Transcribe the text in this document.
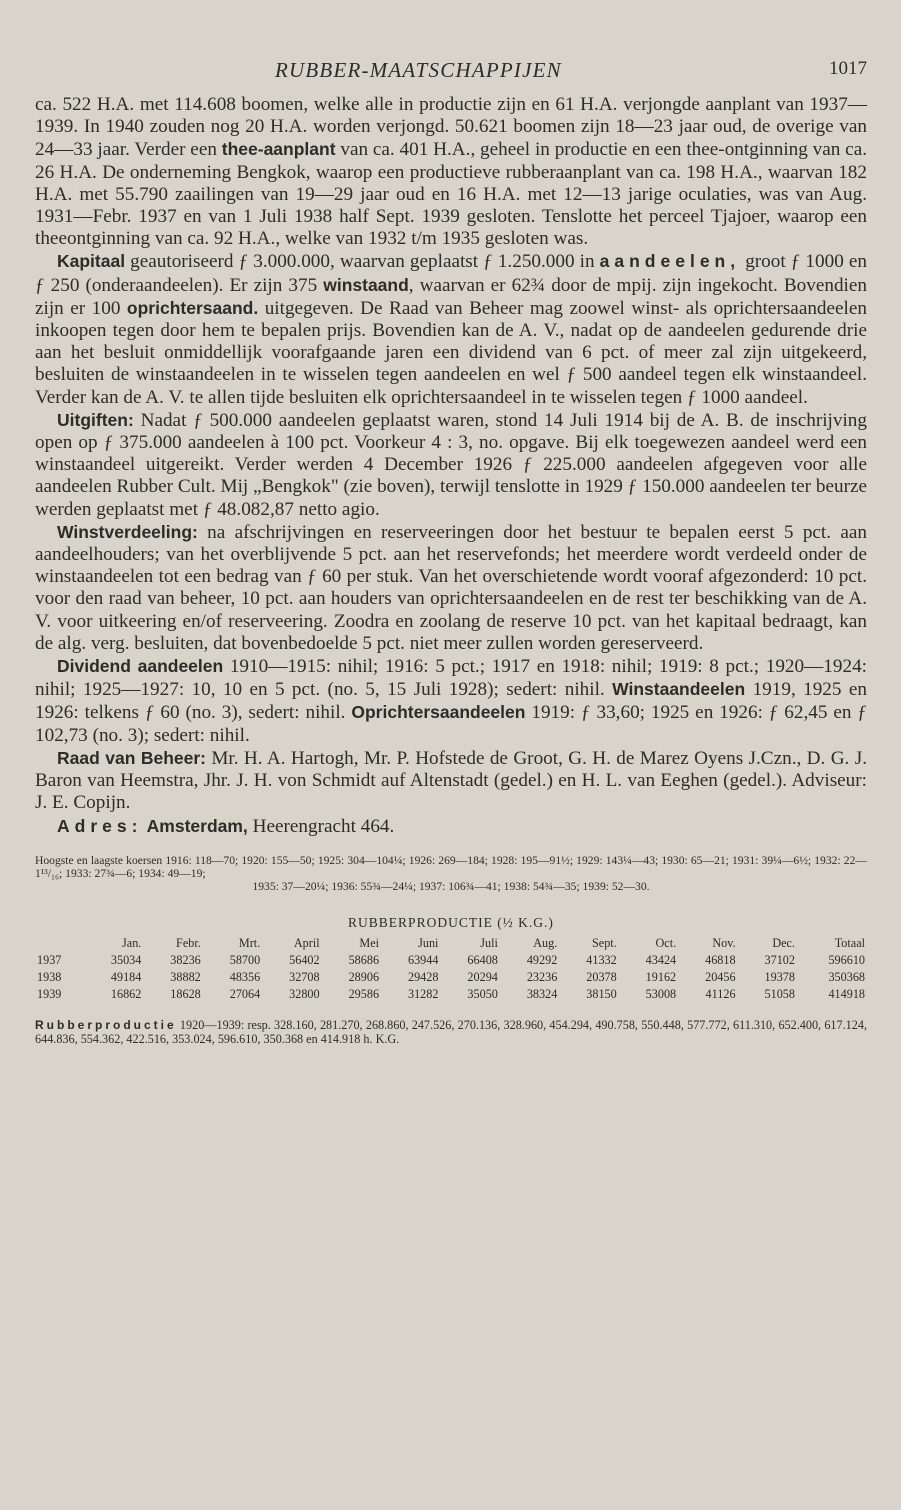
RUBBER-MAATSCHAPPIJEN	1017

ca. 522 H.A. met 114.608 boomen, welke alle in productie zijn en 61 H.A. verjongde aanplant van 1937—1939. In 1940 zouden nog 20 H.A. worden verjongd. 50.621 boomen zijn 18—23 jaar oud, de overige van 24—33 jaar. Verder een thee-aanplant van ca. 401 H.A., geheel in productie en een thee-ontginning van ca. 26 H.A. De onderneming Bengkok, waarop een productieve rubberaanplant van ca. 198 H.A., waarvan 182 H.A. met 55.790 zaailingen van 19—29 jaar oud en 16 H.A. met 12—13 jarige oculaties, was van Aug. 1931—Febr. 1937 en van 1 Juli 1938 half Sept. 1939 gesloten. Tenslotte het perceel Tjajoer, waarop een theeontginning van ca. 92 H.A., welke van 1932 t/m 1935 gesloten was.

Kapitaal geautoriseerd ƒ 3.000.000, waarvan geplaatst ƒ 1.250.000 in aandeelen, groot ƒ 1000 en ƒ 250 (onderaandeelen). Er zijn 375 winstaand, waarvan er 62¾ door de mpij. zijn ingekocht. Bovendien zijn er 100 oprichtersaand. uitgegeven. De Raad van Beheer mag zoowel winst- als oprichtersaandeelen inkoopen tegen door hem te bepalen prijs. Bovendien kan de A. V., nadat op de aandeelen gedurende drie aan het besluit onmiddellijk voorafgaande jaren een dividend van 6 pct. of meer zal zijn uitgekeerd, besluiten de winstaandeelen in te wisselen tegen aandeelen en wel ƒ 500 aandeel tegen elk winstaandeel. Verder kan de A. V. te allen tijde besluiten elk oprichtersaandeel in te wisselen tegen ƒ 1000 aandeel.

Uitgiften: Nadat ƒ 500.000 aandeelen geplaatst waren, stond 14 Juli 1914 bij de A. B. de inschrijving open op ƒ 375.000 aandeelen à 100 pct. Voorkeur 4 : 3, no. opgave. Bij elk toegewezen aandeel werd een winstaandeel uitgereikt. Verder werden 4 December 1926 ƒ 225.000 aandeelen afgegeven voor alle aandeelen Rubber Cult. Mij „Bengkok" (zie boven), terwijl tenslotte in 1929 ƒ 150.000 aandeelen ter beurze werden geplaatst met ƒ 48.082,87 netto agio.

Winstverdeeling: na afschrijvingen en reserveeringen door het bestuur te bepalen eerst 5 pct. aan aandeelhouders; van het overblijvende 5 pct. aan het reservefonds; het meerdere wordt verdeeld onder de winstaandeelen tot een bedrag van ƒ 60 per stuk. Van het overschietende wordt vooraf afgezonderd: 10 pct. voor den raad van beheer, 10 pct. aan houders van oprichtersaandeelen en de rest ter beschikking van de A. V. voor uitkeering en/of reserveering. Zoodra en zoolang de reserve 10 pct. van het kapitaal bedraagt, kan de alg. verg. besluiten, dat bovenbedoelde 5 pct. niet meer zullen worden gereserveerd.

Dividend aandeelen 1910—1915: nihil; 1916: 5 pct.; 1917 en 1918: nihil; 1919: 8 pct.; 1920—1924: nihil; 1925—1927: 10, 10 en 5 pct. (no. 5, 15 Juli 1928); sedert: nihil. Winstaandeelen 1919, 1925 en 1926: telkens ƒ 60 (no. 3), sedert: nihil. Oprichtersaandeelen 1919: ƒ 33,60; 1925 en 1926: ƒ 62,45 en ƒ 102,73 (no. 3); sedert: nihil.

Raad van Beheer: Mr. H. A. Hartogh, Mr. P. Hofstede de Groot, G. H. de Marez Oyens J.Czn., D. G. J. Baron van Heemstra, Jhr. J. H. von Schmidt auf Altenstadt (gedel.) en H. L. van Eeghen (gedel.). Adviseur: J. E. Copijn.

Adres: Amsterdam, Heerengracht 464.

Hoogste en laagste koersen 1916: 118—70; 1920: 155—50; 1925: 304—104¼; 1926: 269—184; 1928: 195—91½; 1929: 143¼—43; 1930: 65—21; 1931: 39¼—6½; 1932: 22—1¹³/₁₆; 1933: 27¾—6; 1934: 49—19;
1935: 37—20¼; 1936: 55¾—24¼; 1937: 106¾—41; 1938: 54¾—35; 1939: 52—30.
RUBBERPRODUCTIE (½ K.G.)
	Jan.	Febr.	Mrt.	April	Mei	Juni	Juli	Aug.	Sept.	Oct.	Nov.	Dec.	Totaal
1937	35034	38236	58700	56402	58686	63944	66408	49292	41332	43424	46818	37102	596610
1938	49184	38882	48356	32708	28906	29428	20294	23236	20378	19162	20456	19378	350368
1939	16862	18628	27064	32800	29586	31282	35050	38324	38150	53008	41126	51058	414918
Rubberproductie 1920—1939: resp. 328.160, 281.270, 268.860, 247.526, 270.136, 328.960, 454.294, 490.758, 550.448, 577.772, 611.310, 652.400, 617.124, 644.836, 554.362, 422.516, 353.024, 596.610, 350.368 en 414.918 h. K.G.
